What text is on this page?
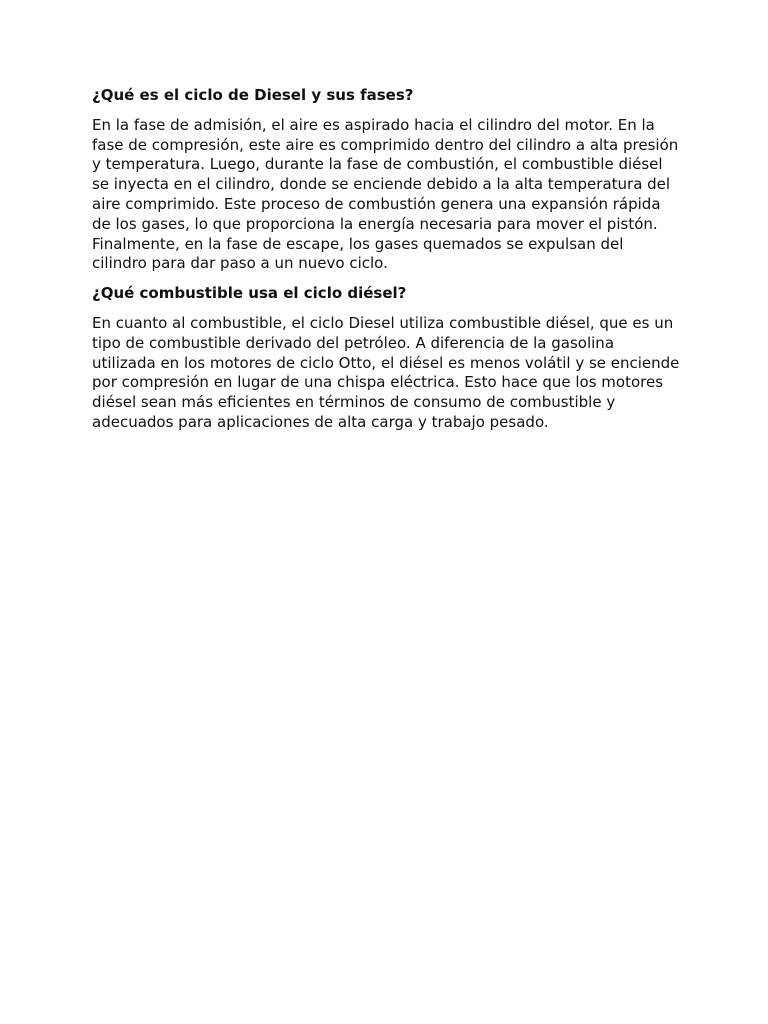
¿Qué es el ciclo de Diesel y sus fases?
En la fase de admisión, el aire es aspirado hacia el cilindro del motor. En la fase de compresión, este aire es comprimido dentro del cilindro a alta presión y temperatura. Luego, durante la fase de combustión, el combustible diésel se inyecta en el cilindro, donde se enciende debido a la alta temperatura del aire comprimido. Este proceso de combustión genera una expansión rápida de los gases, lo que proporciona la energía necesaria para mover el pistón. Finalmente, en la fase de escape, los gases quemados se expulsan del cilindro para dar paso a un nuevo ciclo.
¿Qué combustible usa el ciclo diésel?
En cuanto al combustible, el ciclo Diesel utiliza combustible diésel, que es un tipo de combustible derivado del petróleo. A diferencia de la gasolina utilizada en los motores de ciclo Otto, el diésel es menos volátil y se enciende por compresión en lugar de una chispa eléctrica. Esto hace que los motores diésel sean más eficientes en términos de consumo de combustible y adecuados para aplicaciones de alta carga y trabajo pesado.
